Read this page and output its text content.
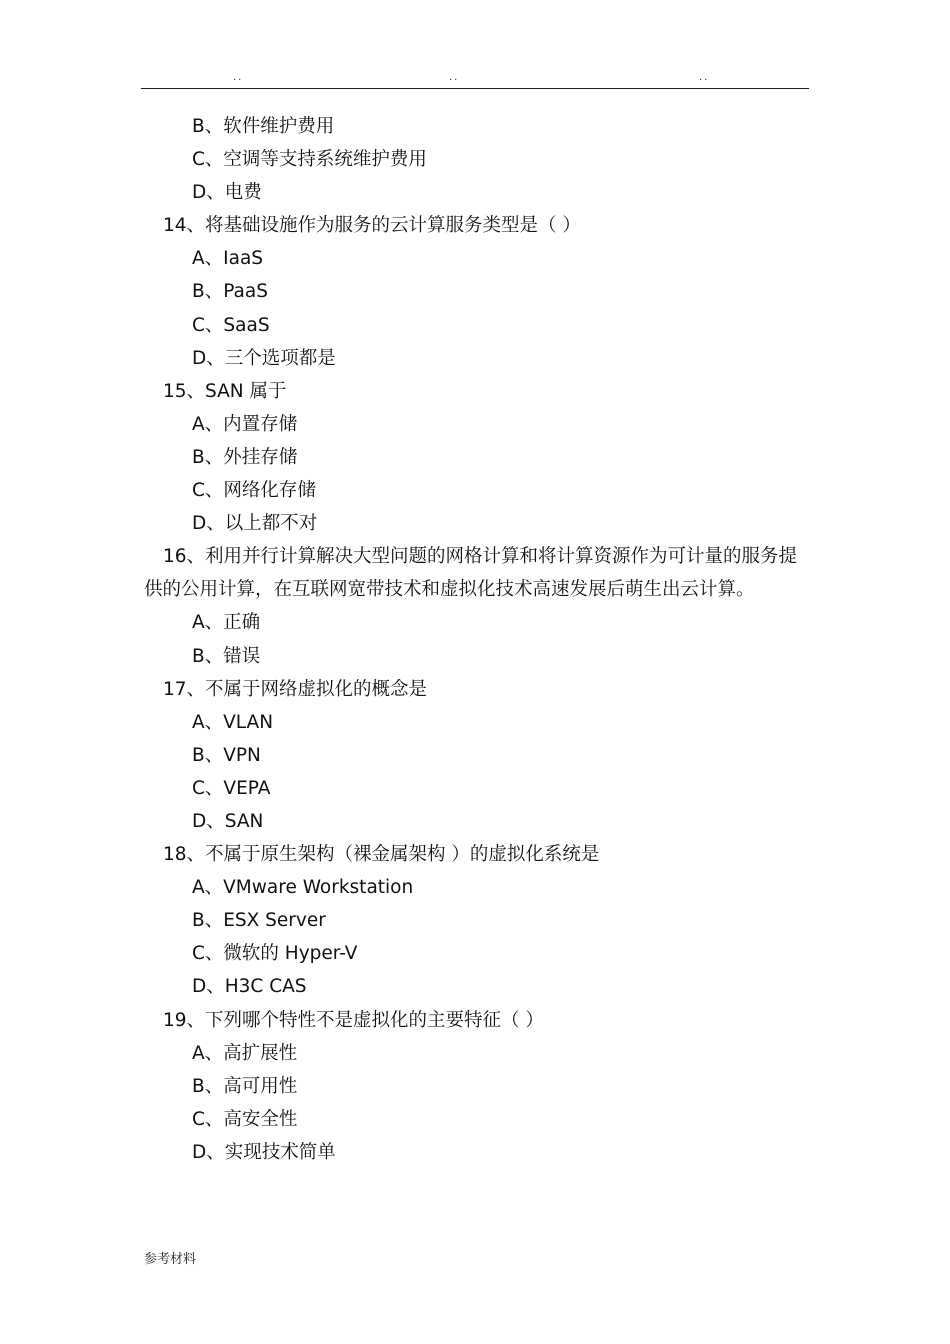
..	..	..
B、软件维护费用
C、空调等支持系统维护费用
D、电费
14、将基础设施作为服务的云计算服务类型是（ ）
A、IaaS
B、PaaS
C、SaaS
D、三个选项都是
15、SAN 属于
A、内置存储
B、外挂存储
C、网络化存储
D、以上都不对
16、利用并行计算解决大型问题的网格计算和将计算资源作为可计量的服务提供的公用计算，在互联网宽带技术和虚拟化技术高速发展后萌生出云计算。
A、正确
B、错误
17、不属于网络虚拟化的概念是
A、VLAN
B、VPN
C、VEPA
D、SAN
18、不属于原生架构（裸金属架构 ）的虚拟化系统是
A、VMware Workstation
B、ESX Server
C、微软的 Hyper-V
D、H3C CAS
19、下列哪个特性不是虚拟化的主要特征（ ）
A、高扩展性
B、高可用性
C、高安全性
D、实现技术简单
参考材料
